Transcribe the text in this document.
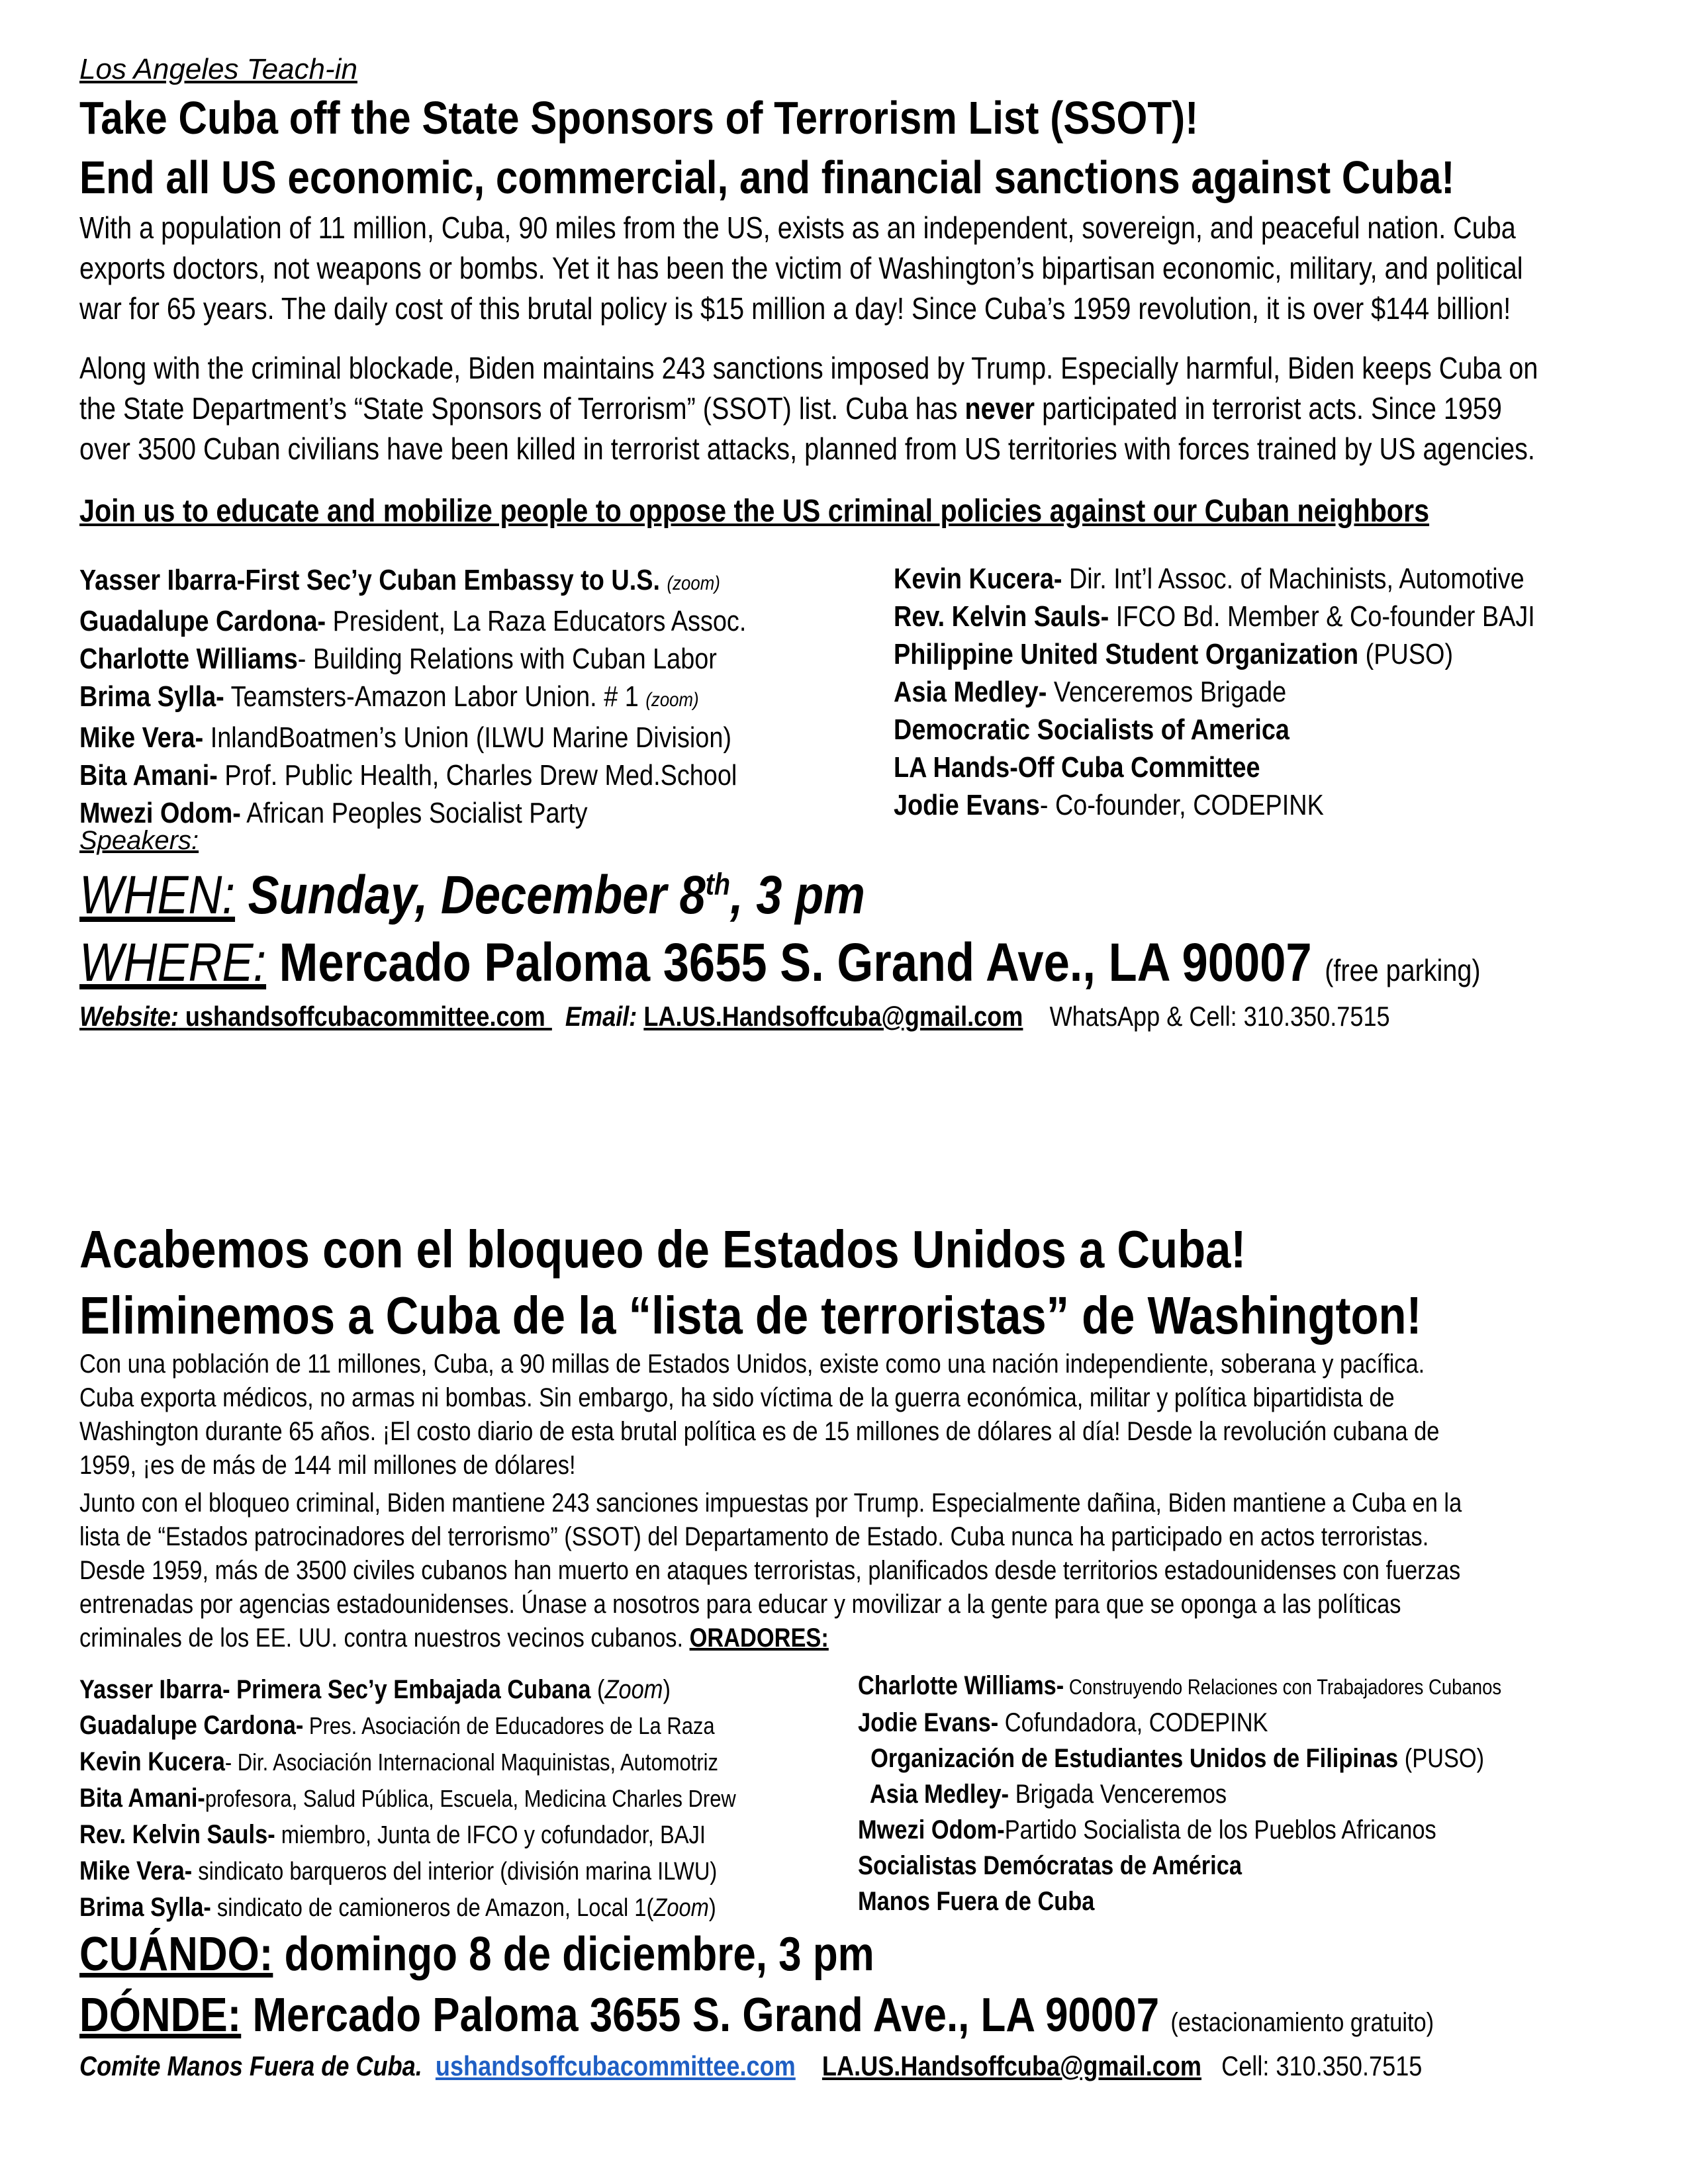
Los Angeles Teach-in
Take Cuba off the State Sponsors of Terrorism List (SSOT)!
End all US economic, commercial, and financial sanctions against Cuba!
With a population of 11 million, Cuba, 90 miles from the US, exists as an independent, sovereign, and peaceful nation. Cuba
exports doctors, not weapons or bombs. Yet it has been the victim of Washington’s bipartisan economic, military, and political
war for 65 years. The daily cost of this brutal policy is $15 million a day! Since Cuba’s 1959 revolution, it is over $144 billion!
Along with the criminal blockade, Biden maintains 243 sanctions imposed by Trump. Especially harmful, Biden keeps Cuba on
the State Department’s “State Sponsors of Terrorism” (SSOT) list. Cuba has never participated in terrorist acts. Since 1959
over 3500 Cuban civilians have been killed in terrorist attacks, planned from US territories with forces trained by US agencies.
Join us to educate and mobilize people to oppose the US criminal policies against our Cuban neighbors
Yasser Ibarra-First Sec’y Cuban Embassy to U.S. (zoom)
Guadalupe Cardona- President, La Raza Educators Assoc.
Charlotte Williams- Building Relations with Cuban Labor
Brima Sylla- Teamsters-Amazon Labor Union. # 1 (zoom)
Mike Vera- InlandBoatmen’s Union (ILWU Marine Division)
Bita Amani- Prof. Public Health, Charles Drew Med.School
Mwezi Odom- African Peoples Socialist Party
Kevin Kucera- Dir. Int’l Assoc. of Machinists, Automotive
Rev. Kelvin Sauls- IFCO Bd. Member & Co-founder BAJI
Philippine United Student Organization (PUSO)
Asia Medley- Venceremos Brigade
Democratic Socialists of America
LA Hands-Off Cuba Committee
Jodie Evans- Co-founder, CODEPINK
Speakers:
WHEN: Sunday, December 8th, 3 pm
WHERE: Mercado Paloma 3655 S. Grand Ave., LA 90007 (free parking)
Website: ushandsoffcubacommittee.com   Email: LA.US.Handsoffcuba@gmail.com WhatsApp & Cell: 310.350.7515
Acabemos con el bloqueo de Estados Unidos a Cuba!
Eliminemos a Cuba de la “lista de terroristas” de Washington!
Con una población de 11 millones, Cuba, a 90 millas de Estados Unidos, existe como una nación independiente, soberana y pacífica.
Cuba exporta médicos, no armas ni bombas. Sin embargo, ha sido víctima de la guerra económica, militar y política bipartidista de
Washington durante 65 años. ¡El costo diario de esta brutal política es de 15 millones de dólares al día! Desde la revolución cubana de
1959, ¡es de más de 144 mil millones de dólares!
Junto con el bloqueo criminal, Biden mantiene 243 sanciones impuestas por Trump. Especialmente dañina, Biden mantiene a Cuba en la
lista de “Estados patrocinadores del terrorismo” (SSOT) del Departamento de Estado. Cuba nunca ha participado en actos terroristas.
Desde 1959, más de 3500 civiles cubanos han muerto en ataques terroristas, planificados desde territorios estadounidenses con fuerzas
entrenadas por agencias estadounidenses. Únase a nosotros para educar y movilizar a la gente para que se oponga a las políticas
criminales de los EE. UU. contra nuestros vecinos cubanos. ORADORES:
Yasser Ibarra- Primera Sec’y Embajada Cubana (Zoom)
Guadalupe Cardona- Pres. Asociación de Educadores de La Raza
Kevin Kucera- Dir. Asociación Internacional Maquinistas, Automotriz
Bita Amani-profesora, Salud Pública, Escuela, Medicina Charles Drew
Rev. Kelvin Sauls- miembro, Junta de IFCO y cofundador, BAJI
Mike Vera- sindicato barqueros del interior (división marina ILWU)
Brima Sylla- sindicato de camioneros de Amazon, Local 1(Zoom)
Charlotte Williams- Construyendo Relaciones con Trabajadores Cubanos
Jodie Evans- Cofundadora, CODEPINK
Organización de Estudiantes Unidos de Filipinas (PUSO)
Asia Medley- Brigada Venceremos
Mwezi Odom-Partido Socialista de los Pueblos Africanos
Socialistas Demócratas de América
Manos Fuera de Cuba
CUÁNDO: domingo 8 de diciembre, 3 pm
DÓNDE: Mercado Paloma 3655 S. Grand Ave., LA 90007 (estacionamiento gratuito)
Comite Manos Fuera de Cuba. ushandsoffcubacommittee.com LA.US.Handsoffcuba@gmail.com Cell: 310.350.7515
